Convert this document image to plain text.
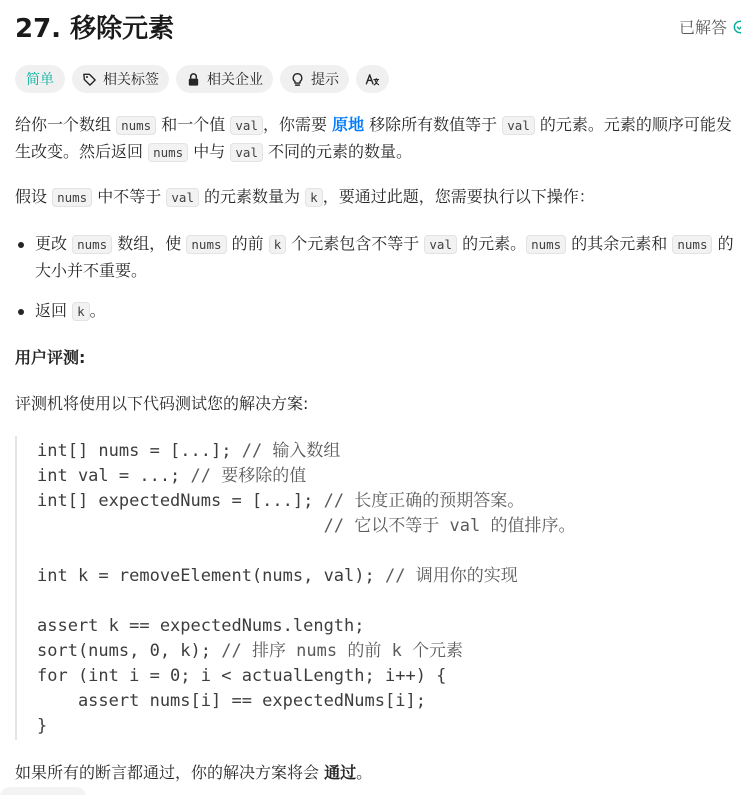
27. 移除元素	已解答
简单	相关标签	相关企业	提示

给你一个数组 nums 和一个值 val ，你需要 原地 移除所有数值等于 val 的元素。元素的顺序可能发生改变。然后返回 nums 中与 val 不同的元素的数量。

假设 nums 中不等于 val 的元素数量为 k ，要通过此题，您需要执行以下操作：

更改 nums 数组，使 nums 的前 k 个元素包含不等于 val 的元素。 nums 的其余元素和 nums 的大小并不重要。
返回 k 。

用户评测:

评测机将使用以下代码测试您的解决方案:

int[] nums = [...]; // 输入数组
int val = ...; // 要移除的值
int[] expectedNums = [...]; // 长度正确的预期答案。
// 它以不等于 val 的值排序。

int k = removeElement(nums, val); // 调用你的实现

assert k == expectedNums.length;
sort(nums, 0, k); // 排序 nums 的前 k 个元素
for (int i = 0; i < actualLength; i++) {
assert nums[i] == expectedNums[i];
}
如果所有的断言都通过，你的解决方案将会 通过。
